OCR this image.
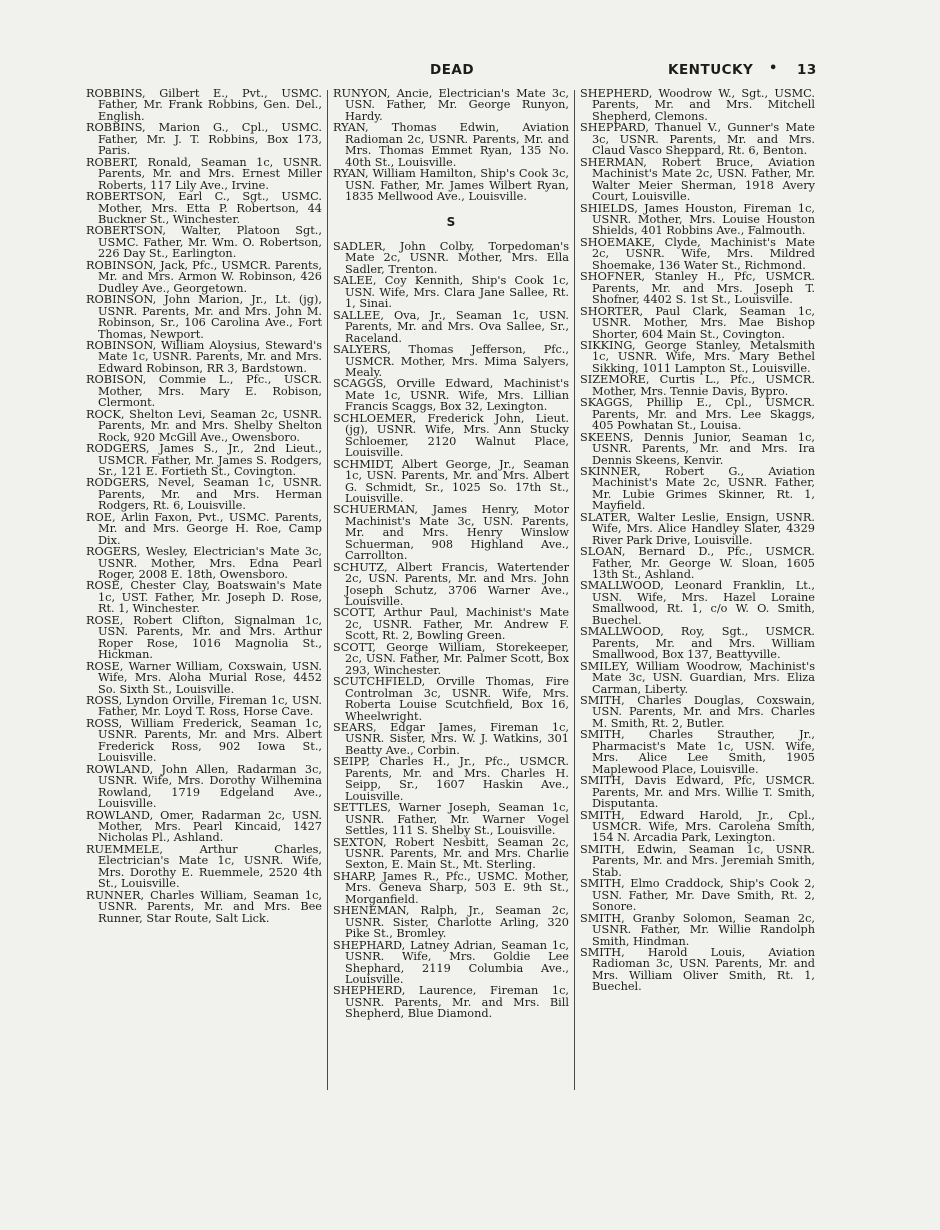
DEAD	KENTUCKY • 13

ROBBINS, Gilbert E., Pvt., USMC. Father, Mr. Frank Robbins, Gen. Del., English.

ROBBINS, Marion G., Cpl., USMC. Father, Mr. J. T. Robbins, Box 173, Paris.

ROBERT, Ronald, Seaman 1c, USNR. Parents, Mr. and Mrs. Ernest Miller Roberts, 117 Lily Ave., Irvine.

ROBERTSON, Earl C., Sgt., USMC. Mother, Mrs. Etta P. Robertson, 44 Buckner St., Winchester.

ROBERTSON, Walter, Platoon Sgt., USMC. Father, Mr. Wm. O. Robertson, 226 Day St., Earlington.

ROBINSON, Jack, Pfc., USMCR. Parents, Mr. and Mrs. Armon W. Robinson, 426 Dudley Ave., Georgetown.

ROBINSON, John Marion, Jr., Lt. (jg), USNR. Parents, Mr. and Mrs. John M. Robinson, Sr., 106 Carolina Ave., Fort Thomas, Newport.

ROBINSON, William Aloysius, Steward's Mate 1c, USNR. Parents, Mr. and Mrs. Edward Robinson, RR 3, Bardstown.

ROBISON, Commie L., Pfc., USCR. Mother, Mrs. Mary E. Robison, Clermont.

ROCK, Shelton Levi, Seaman 2c, USNR. Parents, Mr. and Mrs. Shelby Shelton Rock, 920 McGill Ave., Owensboro.

RODGERS, James S., Jr., 2nd Lieut., USMCR. Father, Mr. James S. Rodgers, Sr., 121 E. Fortieth St., Covington.

RODGERS, Nevel, Seaman 1c, USNR. Parents, Mr. and Mrs. Herman Rodgers, Rt. 6, Louisville.

ROE, Arlin Faxon, Pvt., USMC. Parents, Mr. and Mrs. George H. Roe, Camp Dix.

ROGERS, Wesley, Electrician's Mate 3c, USNR. Mother, Mrs. Edna Pearl Roger, 2008 E. 18th, Owensboro.

ROSE, Chester Clay, Boatswain's Mate 1c, UST. Father, Mr. Joseph D. Rose, Rt. 1, Winchester.

ROSE, Robert Clifton, Signalman 1c, USN. Parents, Mr. and Mrs. Arthur Roper Rose, 1016 Magnolia St., Hickman.

ROSE, Warner William, Coxswain, USN. Wife, Mrs. Aloha Murial Rose, 4452 So. Sixth St., Louisville.

ROSS, Lyndon Orville, Fireman 1c, USN. Father, Mr. Loyd T. Ross, Horse Cave.

ROSS, William Frederick, Seaman 1c, USNR. Parents, Mr. and Mrs. Albert Frederick Ross, 902 Iowa St., Louisville.

ROWLAND, John Allen, Radarman 3c, USNR. Wife, Mrs. Dorothy Wilhemina Rowland, 1719 Edgeland Ave., Louisville.

ROWLAND, Omer, Radarman 2c, USN. Mother, Mrs. Pearl Kincaid, 1427 Nicholas Pl., Ashland.

RUEMMELE, Arthur Charles, Electrician's Mate 1c, USNR. Wife, Mrs. Dorothy E. Ruemmele, 2520 4th St., Louisville.

RUNNER, Charles William, Seaman 1c, USNR. Parents, Mr. and Mrs. Bee Runner, Star Route, Salt Lick.

RUNYON, Ancie, Electrician's Mate 3c, USN. Father, Mr. George Runyon, Hardy.

RYAN, Thomas Edwin, Aviation Radioman 2c, USNR. Parents, Mr. and Mrs. Thomas Emmet Ryan, 135 No. 40th St., Louisville.

RYAN, William Hamilton, Ship's Cook 3c, USN. Father, Mr. James Wilbert Ryan, 1835 Mellwood Ave., Louisville.

S

SADLER, John Colby, Torpedoman's Mate 2c, USNR. Mother, Mrs. Ella Sadler, Trenton.

SALEE, Coy Kennith, Ship's Cook 1c, USN. Wife, Mrs. Clara Jane Sallee, Rt. 1, Sinai.

SALLEE, Ova, Jr., Seaman 1c, USN. Parents, Mr. and Mrs. Ova Sallee, Sr., Raceland.

SALYERS, Thomas Jefferson, Pfc., USMCR. Mother, Mrs. Mima Salyers, Mealy.

SCAGGS, Orville Edward, Machinist's Mate 1c, USNR. Wife, Mrs. Lillian Francis Scaggs, Box 32, Lexington.

SCHLOEMER, Frederick John, Lieut. (jg), USNR. Wife, Mrs. Ann Stucky Schloemer, 2120 Walnut Place, Louisville.

SCHMIDT, Albert George, Jr., Seaman 1c, USN. Parents, Mr. and Mrs. Albert G. Schmidt, Sr., 1025 So. 17th St., Louisville.

SCHUERMAN, James Henry, Motor Machinist's Mate 3c, USN. Parents, Mr. and Mrs. Henry Winslow Schuerman, 908 Highland Ave., Carrollton.

SCHUTZ, Albert Francis, Watertender 2c, USN. Parents, Mr. and Mrs. John Joseph Schutz, 3706 Warner Ave., Louisville.

SCOTT, Arthur Paul, Machinist's Mate 2c, USNR. Father, Mr. Andrew F. Scott, Rt. 2, Bowling Green.

SCOTT, George William, Storekeeper, 2c, USN. Father, Mr. Palmer Scott, Box 293, Winchester.

SCUTCHFIELD, Orville Thomas, Fire Controlman 3c, USNR. Wife, Mrs. Roberta Louise Scutchfield, Box 16, Wheelwright.

SEARS, Edgar James, Fireman 1c, USNR. Sister, Mrs. W. J. Watkins, 301 Beatty Ave., Corbin.

SEIPP, Charles H., Jr., Pfc., USMCR. Parents, Mr. and Mrs. Charles H. Seipp, Sr., 1607 Haskin Ave., Louisville.

SETTLES, Warner Joseph, Seaman 1c, USNR. Father, Mr. Warner Vogel Settles, 111 S. Shelby St., Louisville.

SEXTON, Robert Nesbitt, Seaman 2c, USNR. Parents, Mr. and Mrs. Charlie Sexton, E. Main St., Mt. Sterling.

SHARP, James R., Pfc., USMC. Mother, Mrs. Geneva Sharp, 503 E. 9th St., Morganfield.

SHENEMAN, Ralph, Jr., Seaman 2c, USNR. Sister, Charlotte Arling, 320 Pike St., Bromley.

SHEPHARD, Latney Adrian, Seaman 1c, USNR. Wife, Mrs. Goldie Lee Shephard, 2119 Columbia Ave., Louisville.

SHEPHERD, Laurence, Fireman 1c, USNR. Parents, Mr. and Mrs. Bill Shepherd, Blue Diamond.

SHEPHERD, Woodrow W., Sgt., USMC. Parents, Mr. and Mrs. Mitchell Shepherd, Clemons.

SHEPPARD, Thanuel V., Gunner's Mate 3c, USNR. Parents, Mr. and Mrs. Claud Vasco Sheppard, Rt. 6, Benton.

SHERMAN, Robert Bruce, Aviation Machinist's Mate 2c, USN. Father, Mr. Walter Meier Sherman, 1918 Avery Court, Louisville.

SHIELDS, James Houston, Fireman 1c, USNR. Mother, Mrs. Louise Houston Shields, 401 Robbins Ave., Falmouth.

SHOEMAKE, Clyde, Machinist's Mate 2c, USNR. Wife, Mrs. Mildred Shoemake, 136 Water St., Richmond.

SHOFNER, Stanley H., Pfc, USMCR. Parents, Mr. and Mrs. Joseph T. Shofner, 4402 S. 1st St., Louisville.

SHORTER, Paul Clark, Seaman 1c, USNR. Mother, Mrs. Mae Bishop Shorter, 604 Main St., Covington.

SIKKING, George Stanley, Metalsmith 1c, USNR. Wife, Mrs. Mary Bethel Sikking, 1011 Lampton St., Louisville.

SIZEMORE, Curtis L., Pfc., USMCR. Mother, Mrs. Tennie Davis, Bypro.

SKAGGS, Phillip E., Cpl., USMCR. Parents, Mr. and Mrs. Lee Skaggs, 405 Powhatan St., Louisa.

SKEENS, Dennis Junior, Seaman 1c, USNR. Parents, Mr. and Mrs. Ira Dennis Skeens, Kenvir.

SKINNER, Robert G., Aviation Machinist's Mate 2c, USNR. Father, Mr. Lubie Grimes Skinner, Rt. 1, Mayfield.

SLATER, Walter Leslie, Ensign, USNR. Wife, Mrs. Alice Handley Slater, 4329 River Park Drive, Louisville.

SLOAN, Bernard D., Pfc., USMCR. Father, Mr. George W. Sloan, 1605 13th St., Ashland.

SMALLWOOD, Leonard Franklin, Lt., USN. Wife, Mrs. Hazel Loraine Smallwood, Rt. 1, c/o W. O. Smith, Buechel.

SMALLWOOD, Roy, Sgt., USMCR. Parents, Mr. and Mrs. William Smallwood, Box 137, Beattyville.

SMILEY, William Woodrow, Machinist's Mate 3c, USN. Guardian, Mrs. Eliza Carman, Liberty.

SMITH, Charles Douglas, Coxswain, USN. Parents, Mr. and Mrs. Charles M. Smith, Rt. 2, Butler.

SMITH, Charles Strauther, Jr., Pharmacist's Mate 1c, USN. Wife, Mrs. Alice Lee Smith, 1905 Maplewood Place, Louisville.

SMITH, Davis Edward, Pfc, USMCR. Parents, Mr. and Mrs. Willie T. Smith, Disputanta.

SMITH, Edward Harold, Jr., Cpl., USMCR. Wife, Mrs. Carolena Smith, 154 N. Arcadia Park, Lexington.

SMITH, Edwin, Seaman 1c, USNR. Parents, Mr. and Mrs. Jeremiah Smith, Stab.

SMITH, Elmo Craddock, Ship's Cook 2, USN. Father, Mr. Dave Smith, Rt. 2, Sonore.

SMITH, Granby Solomon, Seaman 2c, USNR. Father, Mr. Willie Randolph Smith, Hindman.

SMITH, Harold Louis, Aviation Radioman 3c, USN. Parents, Mr. and Mrs. William Oliver Smith, Rt. 1, Buechel.
